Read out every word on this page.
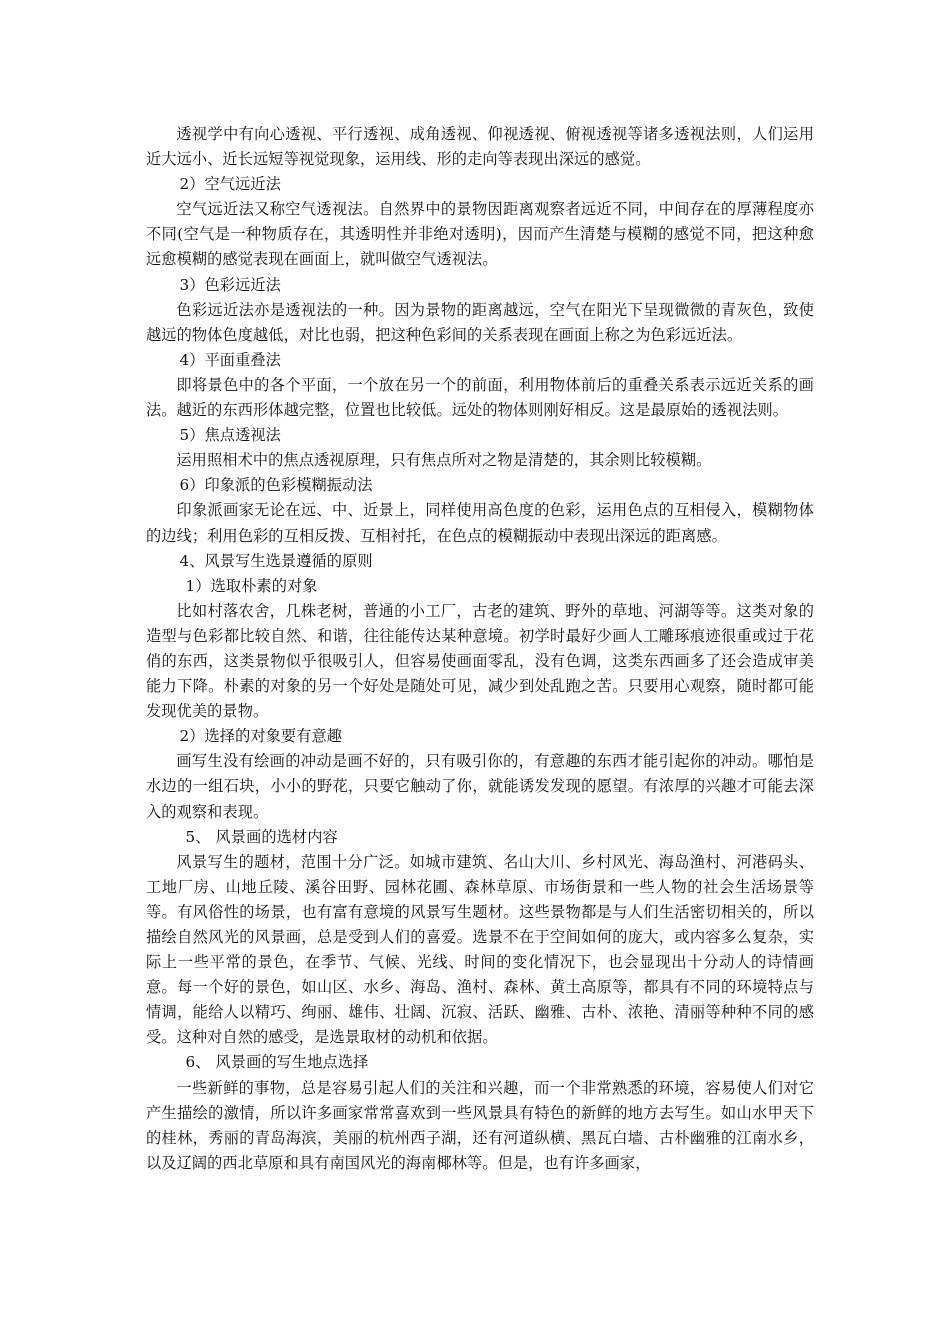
透视学中有向心透视、平行透视、成角透视、仰视透视、俯视透视等诸多透视法则，人们运用近大远小、近长远短等视觉现象，运用线、形的走向等表现出深远的感觉。

2）空气远近法

空气远近法又称空气透视法。自然界中的景物因距离观察者远近不同，中间存在的厚薄程度亦不同(空气是一种物质存在，其透明性并非绝对透明)，因而产生清楚与模糊的感觉不同，把这种愈远愈模糊的感觉表现在画面上，就叫做空气透视法。

3）色彩远近法

色彩远近法亦是透视法的一种。因为景物的距离越远，空气在阳光下呈现微微的青灰色，致使越远的物体色度越低，对比也弱，把这种色彩间的关系表现在画面上称之为色彩远近法。

4）平面重叠法

即将景色中的各个平面，一个放在另一个的前面，利用物体前后的重叠关系表示远近关系的画法。越近的东西形体越完整，位置也比较低。远处的物体则刚好相反。这是最原始的透视法则。

5）焦点透视法

运用照相术中的焦点透视原理，只有焦点所对之物是清楚的，其余则比较模糊。

6）印象派的色彩模糊振动法

印象派画家无论在远、中、近景上，同样使用高色度的色彩，运用色点的互相侵入，模糊物体的边线；利用色彩的互相反拨、互相衬托，在色点的模糊振动中表现出深远的距离感。

4、风景写生选景遵循的原则

1）选取朴素的对象

比如村落农舍，几株老树，普通的小工厂，古老的建筑、野外的草地、河湖等等。这类对象的造型与色彩都比较自然、和谐，往往能传达某种意境。初学时最好少画人工雕琢痕迹很重或过于花俏的东西，这类景物似乎很吸引人，但容易使画面零乱，没有色调，这类东西画多了还会造成审美能力下降。朴素的对象的另一个好处是随处可见，减少到处乱跑之苦。只要用心观察，随时都可能发现优美的景物。

2）选择的对象要有意趣

画写生没有绘画的冲动是画不好的，只有吸引你的，有意趣的东西才能引起你的冲动。哪怕是水边的一组石块，小小的野花，只要它触动了你，就能诱发发现的愿望。有浓厚的兴趣才可能去深入的观察和表现。

5、 风景画的选材内容

风景写生的题材，范围十分广泛。如城市建筑、名山大川、乡村风光、海岛渔村、河港码头、工地厂房、山地丘陵、溪谷田野、园林花圃、森林草原、市场街景和一些人物的社会生活场景等等。有风俗性的场景，也有富有意境的风景写生题材。这些景物都是与人们生活密切相关的，所以描绘自然风光的风景画，总是受到人们的喜爱。选景不在于空间如何的庞大，或内容多么复杂，实际上一些平常的景色，在季节、气候、光线、时间的变化情况下，也会显现出十分动人的诗情画意。每一个好的景色，如山区、水乡、海岛、渔村、森林、黄土高原等，都具有不同的环境特点与情调，能给人以精巧、绚丽、雄伟、壮阔、沉寂、活跃、幽雅、古朴、浓艳、清丽等种种不同的感受。这种对自然的感受，是选景取材的动机和依据。

6、 风景画的写生地点选择

一些新鲜的事物，总是容易引起人们的关注和兴趣，而一个非常熟悉的环境，容易使人们对它产生描绘的激情，所以许多画家常常喜欢到一些风景具有特色的新鲜的地方去写生。如山水甲天下的桂林，秀丽的青岛海滨，美丽的杭州西子湖，还有河道纵横、黑瓦白墙、古朴幽雅的江南水乡，以及辽阔的西北草原和具有南国风光的海南椰林等。但是，也有许多画家，
